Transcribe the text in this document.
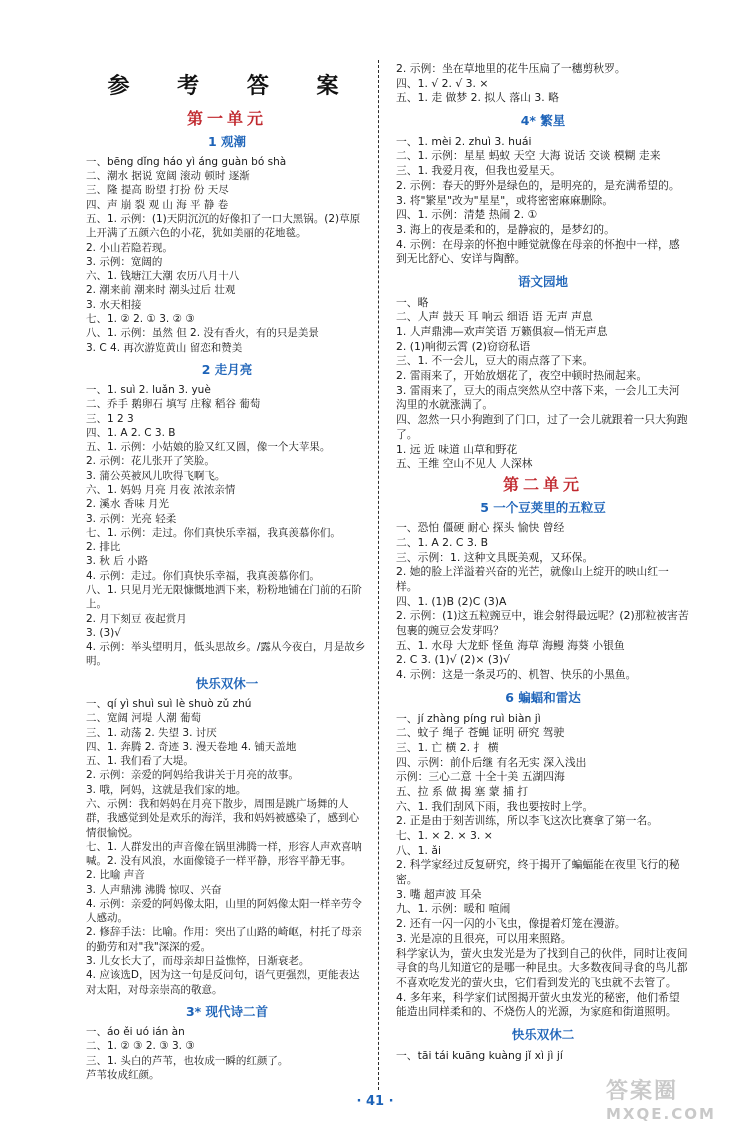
参 考 答 案
第一单元
1 观潮
一、bēng dǐng háo yì áng guàn bó shà
二、潮水 据说 宽阔 滚动 顿时 逐渐
三、隆 提高 盼望 打扮 份 天尽
四、声 崩 裂 观 山 海 平 静 卷
五、1. 示例：(1)天阴沉沉的好像扣了一口大黑锅。(2)草原上开满了五颜六色的小花，犹如美丽的花地毯。
2. 小山若隐若现。
3. 示例：宽阔的
六、1. 钱塘江大潮 农历八月十八
2. 潮来前 潮来时 潮头过后 壮观
3. 水天相接
七、1. ② 2. ① 3. ② ③
八、1. 示例：虽然 但 2. 没有香火，有的只是美景
3. C 4. 再次游览黄山 留恋和赞美
2 走月亮
一、1. suì 2. luǎn 3. yuè
二、乔手 鹅卵石 填写 庄稼 稻谷 葡萄
三、1 2 3
四、1. A 2. C 3. B
五、1. 示例：小姑娘的脸又红又圆，像一个大苹果。
2. 示例：花儿张开了笑脸。
3. 蒲公英被风儿吹得飞啊飞。
六、1. 妈妈 月亮 月夜 浓浓亲情
2. 溪水 香味 月光
3. 示例：光亮 轻柔
七、1. 示例：走过。你们真快乐幸福，我真羡慕你们。
2. 排比
3. 秋 后 小路
4. 示例：走过。你们真快乐幸福，我真羡慕你们。
八、1. 只见月光无限慷慨地洒下来，粉粉地铺在门前的石阶上。
2. 月下刻豆 夜起赏月
3. (3)√
4. 示例：举头望明月，低头思故乡。/露从今夜白，月是故乡明。
快乐双休一
一、qí yì shuì suì lè shuò zǔ zhú
二、宽阔 河堤 人潮 葡萄
三、1. 动荡 2. 失望 3. 讨厌
四、1. 奔腾 2. 奇迹 3. 漫天卷地 4. 铺天盖地
五、1. 我们看了大堤。
2. 示例：亲爱的阿妈给我讲关于月亮的故事。
3. 哦，阿妈，这就是我们家的地。
六、示例：我和妈妈在月亮下散步，周围是跳广场舞的人群，我感觉到处是欢乐的海洋，我和妈妈被感染了，感到心情很愉悦。
七、1. 人群发出的声音像在锅里沸腾一样，形容人声欢喜呐喊。2. 没有风浪，水面像镜子一样平静，形容平静无事。
2. 比喻 声音
3. 人声鼎沸 沸腾 惊叹、兴奋
4. 示例：亲爱的阿妈像太阳，山里的阿妈像太阳一样辛劳令人感动。
2. 修辞手法：比喻。作用：突出了山路的崎岖，村托了母亲的勤劳和对"我"深深的爱。
3. 儿女长大了，而母亲却日益憔悴，日渐衰老。
4. 应该选D，因为这一句是反问句，语气更强烈，更能表达对太阳，对母亲崇高的敬意。
3* 现代诗二首
一、áo ěi uó ián àn
二、1. ② ③ 2. ③ 3. ③
三、1. 头白的芦苇，也妆成一瞬的红颜了。
芦苇妆成红颜。
2. 示例：坐在草地里的花牛压扁了一穗剪秋罗。
四、1. √ 2. √ 3. ×
五、1. 走 做梦 2. 拟人 落山 3. 略
4* 繁星
一、1. mèi 2. zhuì 3. huái
二、1. 示例：星星 蚂蚁 天空 大海 说话 交谈 模糊 走来
三、1. 我爱月夜，但我也爱星天。
2. 示例：春天的野外是绿色的，是明亮的，是充满希望的。
3. 将"繁星"改为"星星"，或将密密麻麻删除。
四、1. 示例：清楚 热闹 2. ①
3. 海上的夜是柔和的，是静寂的，是梦幻的。
4. 示例：在母亲的怀抱中睡觉就像在母亲的怀抱中一样，感到无比舒心、安详与陶醉。
语文园地
一、略
二、人声 鼓天 耳 响云 细语 语 无声 声息
1. 人声鼎沸—欢声笑语 万籁俱寂—悄无声息
2. (1)响彻云霄 (2)窃窃私语
三、1. 不一会儿，豆大的雨点落了下来。
2. 雷雨来了，开始放烟花了，夜空中顿时热闹起来。
3. 雷雨来了，豆大的雨点突然从空中落下来，一会儿工夫河沟里的水就涨满了。
四、忽然一只小狗跑到了门口，过了一会儿就跟着一只大狗跑了。
1. 远 近 味道 山草和野花
五、王维 空山不见人 人深林
第二单元
5 一个豆荚里的五粒豆
一、恐怕 僵硬 耐心 探头 愉快 曾经
二、1. A 2. C 3. B
三、示例：1. 这种文具既美观，又环保。
2. 她的脸上洋溢着兴奋的光芒，就像山上绽开的映山红一样。
四、1. (1)B (2)C (3)A
2. 示例：(1)这五粒豌豆中，谁会射得最远呢？(2)那粒被害苦包裹的豌豆会发芽吗？
五、1. 水母 大龙虾 怪鱼 海草 海鳗 海葵 小银鱼
2. C 3. (1)√ (2)× (3)√
4. 示例：这是一条灵巧的、机智、快乐的小黑鱼。
6 蝙蝠和雷达
一、jí zhàng píng ruì biàn jì
二、蚊子 绳子 苍蝇 证明 研究 驾驶
三、1. 亡 横 2. 扌 横
四、示例：前仆后继 有名无实 深入浅出
示例：三心二意 十全十美 五湖四海
五、拉 系 做 揭 塞 蒙 捕 打
六、1. 我们刮风下雨，我也要按时上学。
2. 正是由于刻苦训练，所以李飞这次比赛拿了第一名。
七、1. × 2. × 3. ×
八、1. ǎi
2. 科学家经过反复研究，终于揭开了蝙蝠能在夜里飞行的秘密。
3. 嘴 超声波 耳朵
九、1. 示例：暖和 喧闹
2. 还有一闪一闪的小飞虫，像提着灯笼在漫游。
3. 光是凉的且很亮，可以用来照路。
科学家认为，萤火虫发光是为了找到自己的伙伴，同时让夜间寻食的鸟儿知道它的是哪一种昆虫。大多数夜间寻食的鸟儿都不喜欢吃发光的萤火虫，它们看到发光的飞虫就不去管了。
4. 多年来，科学家们试图揭开萤火虫发光的秘密，他们希望能造出同样柔和的、不烧伤人的光源，为家庭和街道照明。
快乐双休二
一、tāi tái kuāng kuàng jǐ xì jì jí
· 41 ·	答案圈
MXQE.COM
